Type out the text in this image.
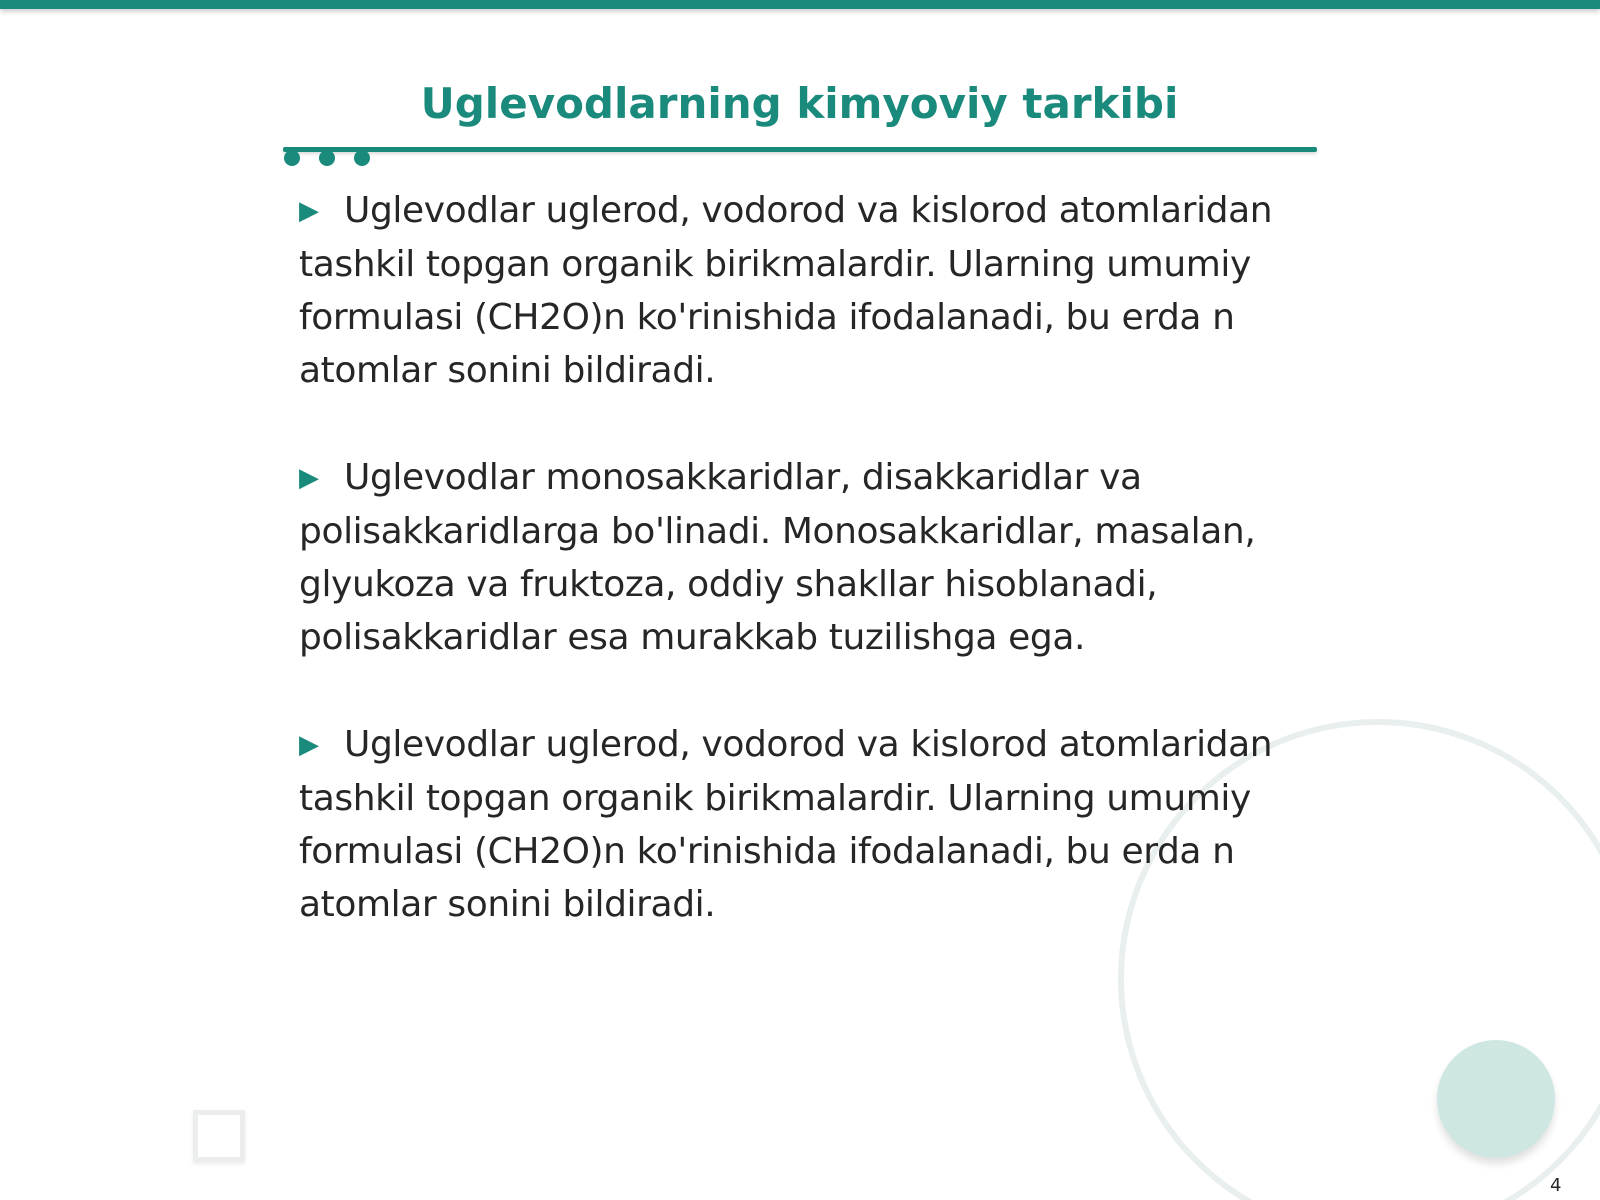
Uglevodlarning kimyoviy tarkibi

▶ Uglevodlar uglerod, vodorod va kislorod atomlaridan tashkil topgan organik birikmalardir. Ularning umumiy formulasi (CH2O)n ko'rinishida ifodalanadi, bu erda n atomlar sonini bildiradi.

▶ Uglevodlar monosakkaridlar, disakkaridlar va polisakkaridlarga bo'linadi. Monosakkaridlar, masalan, glyukoza va fruktoza, oddiy shakllar hisoblanadi, polisakkaridlar esa murakkab tuzilishga ega.

▶ Uglevodlar uglerod, vodorod va kislorod atomlaridan tashkil topgan organik birikmalardir. Ularning umumiy formulasi (CH2O)n ko'rinishida ifodalanadi, bu erda n atomlar sonini bildiradi.

4
